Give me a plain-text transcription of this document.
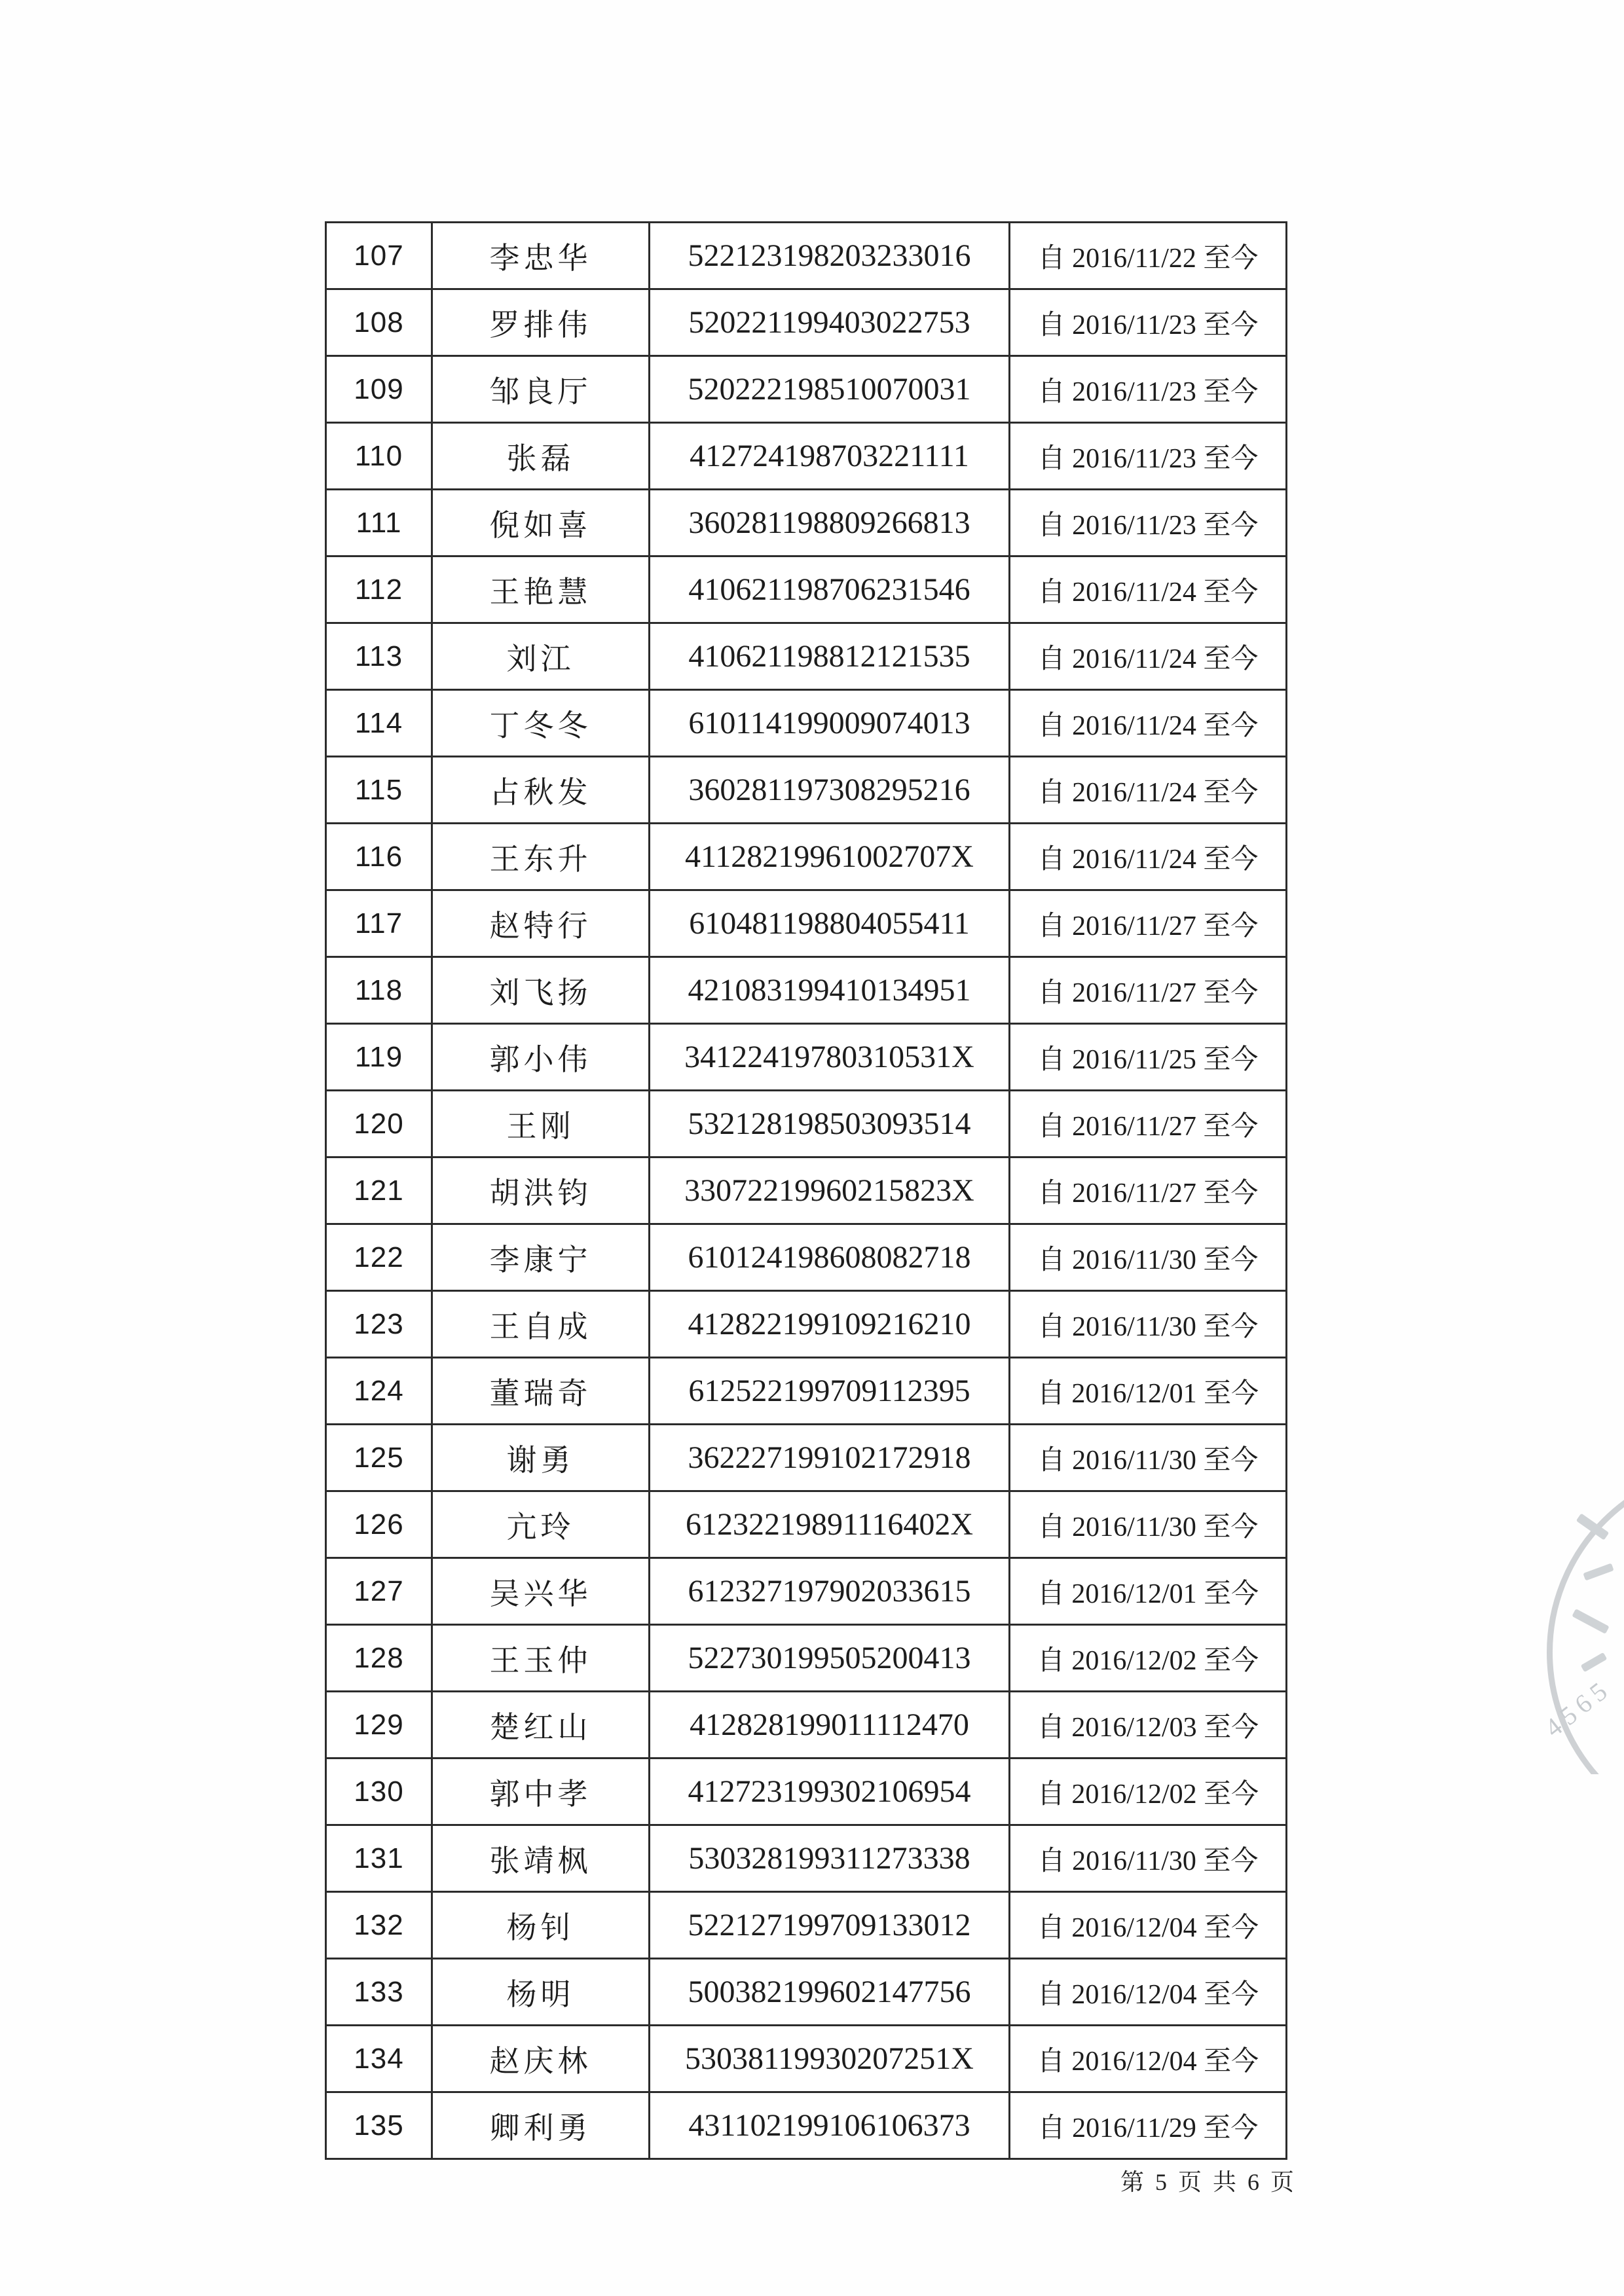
107	李忠华	522123198203233016	自 2016/11/22 至今
108	罗排伟	520221199403022753	自 2016/11/23 至今
109	邹良厅	520222198510070031	自 2016/11/23 至今
110	张磊	412724198703221111	自 2016/11/23 至今
111	倪如喜	360281198809266813	自 2016/11/23 至今
112	王艳慧	410621198706231546	自 2016/11/24 至今
113	刘江	410621198812121535	自 2016/11/24 至今
114	丁冬冬	610114199009074013	自 2016/11/24 至今
115	占秋发	360281197308295216	自 2016/11/24 至今
116	王东升	41128219961002707X	自 2016/11/24 至今
117	赵特行	610481198804055411	自 2016/11/27 至今
118	刘飞扬	421083199410134951	自 2016/11/27 至今
119	郭小伟	34122419780310531X	自 2016/11/25 至今
120	王刚	532128198503093514	自 2016/11/27 至今
121	胡洪钧	33072219960215823X	自 2016/11/27 至今
122	李康宁	610124198608082718	自 2016/11/30 至今
123	王自成	412822199109216210	自 2016/11/30 至今
124	董瑞奇	612522199709112395	自 2016/12/01 至今
125	谢勇	362227199102172918	自 2016/11/30 至今
126	亢玲	61232219891116402X	自 2016/11/30 至今
127	吴兴华	612327197902033615	自 2016/12/01 至今
128	王玉仲	522730199505200413	自 2016/12/02 至今
129	楚红山	412828199011112470	自 2016/12/03 至今
130	郭中孝	412723199302106954	自 2016/12/02 至今
131	张靖枫	530328199311273338	自 2016/11/30 至今
132	杨钊	522127199709133012	自 2016/12/04 至今
133	杨明	500382199602147756	自 2016/12/04 至今
134	赵庆林	53038119930207251X	自 2016/12/04 至今
135	卿利勇	431102199106106373	自 2016/11/29 至今
4565
第 5 页 共 6 页
